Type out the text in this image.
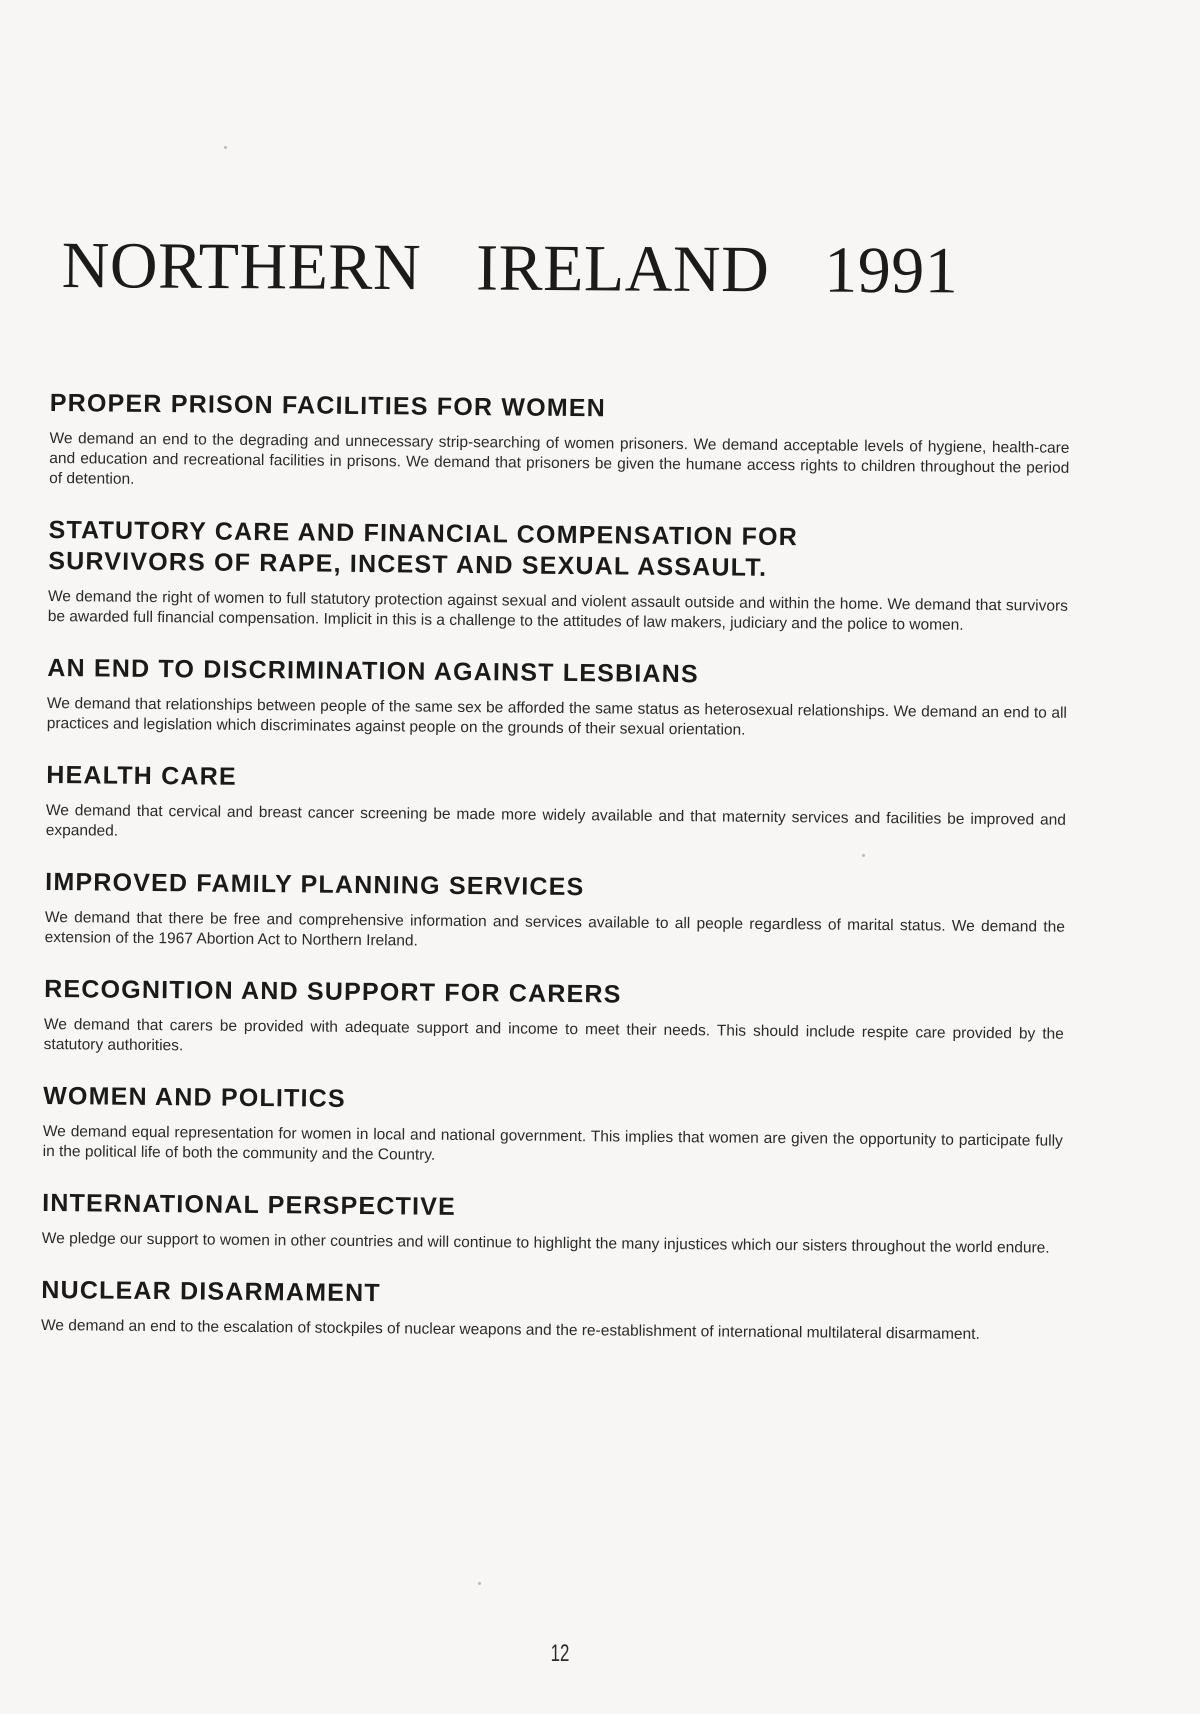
NORTHERN IRELAND 1991
PROPER PRISON FACILITIES FOR WOMEN

We demand an end to the degrading and unnecessary strip-searching of women prisoners. We demand acceptable levels of hygiene, health-care and education and recreational facilities in prisons. We demand that prisoners be given the humane access rights to children throughout the period of detention.

STATUTORY CARE AND FINANCIAL COMPENSATION FOR SURVIVORS OF RAPE, INCEST AND SEXUAL ASSAULT.

We demand the right of women to full statutory protection against sexual and violent assault outside and within the home. We demand that survivors be awarded full financial compensation. Implicit in this is a challenge to the attitudes of law makers, judiciary and the police to women.

AN END TO DISCRIMINATION AGAINST LESBIANS

We demand that relationships between people of the same sex be afforded the same status as heterosexual relationships. We demand an end to all practices and legislation which discriminates against people on the grounds of their sexual orientation.

HEALTH CARE

We demand that cervical and breast cancer screening be made more widely available and that maternity services and facilities be improved and expanded.

IMPROVED FAMILY PLANNING SERVICES

We demand that there be free and comprehensive information and services available to all people regardless of marital status. We demand the extension of the 1967 Abortion Act to Northern Ireland.

RECOGNITION AND SUPPORT FOR CARERS

We demand that carers be provided with adequate support and income to meet their needs. This should include respite care provided by the statutory authorities.

WOMEN AND POLITICS

We demand equal representation for women in local and national government. This implies that women are given the opportunity to participate fully in the political life of both the community and the Country.

INTERNATIONAL PERSPECTIVE

We pledge our support to women in other countries and will continue to highlight the many injustices which our sisters throughout the world endure.

NUCLEAR DISARMAMENT

We demand an end to the escalation of stockpiles of nuclear weapons and the re-establishment of international multilateral disarmament.

12
